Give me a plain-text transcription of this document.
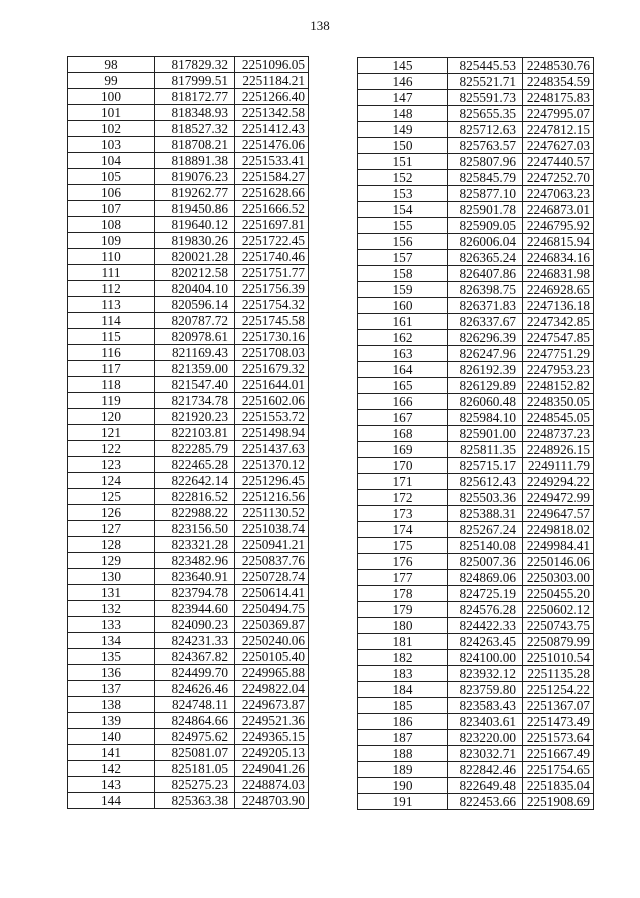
138
98	817829.32	2251096.05
99	817999.51	2251184.21
100	818172.77	2251266.40
101	818348.93	2251342.58
102	818527.32	2251412.43
103	818708.21	2251476.06
104	818891.38	2251533.41
105	819076.23	2251584.27
106	819262.77	2251628.66
107	819450.86	2251666.52
108	819640.12	2251697.81
109	819830.26	2251722.45
110	820021.28	2251740.46
111	820212.58	2251751.77
112	820404.10	2251756.39
113	820596.14	2251754.32
114	820787.72	2251745.58
115	820978.61	2251730.16
116	821169.43	2251708.03
117	821359.00	2251679.32
118	821547.40	2251644.01
119	821734.78	2251602.06
120	821920.23	2251553.72
121	822103.81	2251498.94
122	822285.79	2251437.63
123	822465.28	2251370.12
124	822642.14	2251296.45
125	822816.52	2251216.56
126	822988.22	2251130.52
127	823156.50	2251038.74
128	823321.28	2250941.21
129	823482.96	2250837.76
130	823640.91	2250728.74
131	823794.78	2250614.41
132	823944.60	2250494.75
133	824090.23	2250369.87
134	824231.33	2250240.06
135	824367.82	2250105.40
136	824499.70	2249965.88
137	824626.46	2249822.04
138	824748.11	2249673.87
139	824864.66	2249521.36
140	824975.62	2249365.15
141	825081.07	2249205.13
142	825181.05	2249041.26
143	825275.23	2248874.03
144	825363.38	2248703.90
145	825445.53	2248530.76
146	825521.71	2248354.59
147	825591.73	2248175.83
148	825655.35	2247995.07
149	825712.63	2247812.15
150	825763.57	2247627.03
151	825807.96	2247440.57
152	825845.79	2247252.70
153	825877.10	2247063.23
154	825901.78	2246873.01
155	825909.05	2246795.92
156	826006.04	2246815.94
157	826365.24	2246834.16
158	826407.86	2246831.98
159	826398.75	2246928.65
160	826371.83	2247136.18
161	826337.67	2247342.85
162	826296.39	2247547.85
163	826247.96	2247751.29
164	826192.39	2247953.23
165	826129.89	2248152.82
166	826060.48	2248350.05
167	825984.10	2248545.05
168	825901.00	2248737.23
169	825811.35	2248926.15
170	825715.17	2249111.79
171	825612.43	2249294.22
172	825503.36	2249472.99
173	825388.31	2249647.57
174	825267.24	2249818.02
175	825140.08	2249984.41
176	825007.36	2250146.06
177	824869.06	2250303.00
178	824725.19	2250455.20
179	824576.28	2250602.12
180	824422.33	2250743.75
181	824263.45	2250879.99
182	824100.00	2251010.54
183	823932.12	2251135.28
184	823759.80	2251254.22
185	823583.43	2251367.07
186	823403.61	2251473.49
187	823220.00	2251573.64
188	823032.71	2251667.49
189	822842.46	2251754.65
190	822649.48	2251835.04
191	822453.66	2251908.69
